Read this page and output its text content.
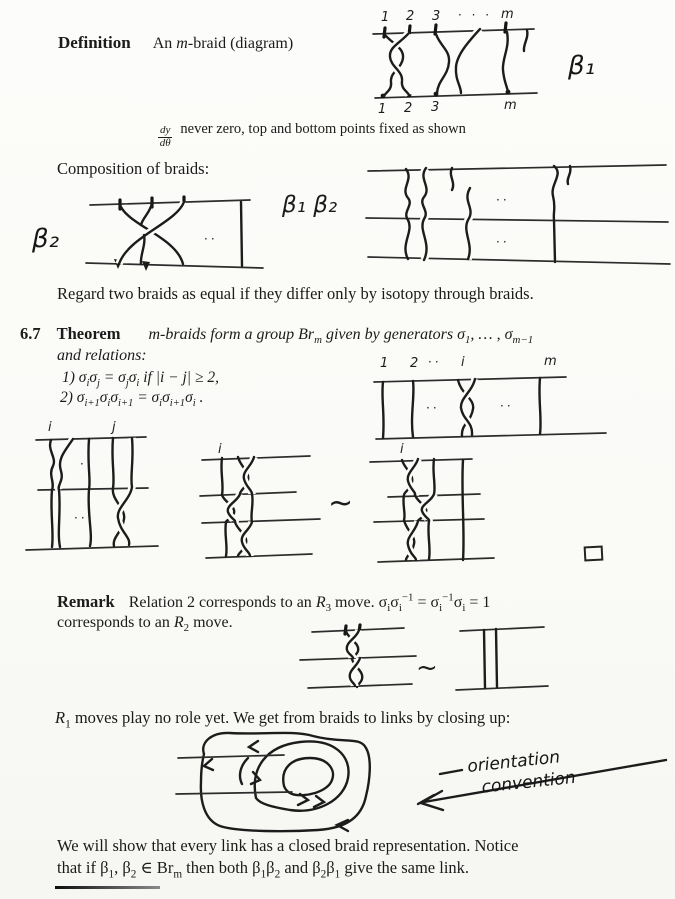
Definition An m-braid (diagram)
1 2 3 · · · m
1 2 3	m
β₁
$\frac{dy}{d\theta}$ never zero, top and bottom points fixed as shown
Composition of braids:
β₂	··
β₁ β₂	··
··
Regard two braids as equal if they differ only by isotopy through braids.
6.7 Theorem m-braids form a group $Br_m$ given by generators $\sigma_1$, … , $\sigma_{m-1}$
and relations:
1) $\sigma_i\sigma_j = \sigma_j\sigma_i$ if |i − j| ≥ 2,
2) $\sigma_{i+1}\sigma_i\sigma_{i+1} = \sigma_i\sigma_{i+1}\sigma_i$ .
1 2 ·· i	m
··	··
i	j
··
··
i
~
i
Remark Relation 2 corresponds to an $R_3$ move. $\sigma_i\sigma_i^{-1} = \sigma_i^{-1}\sigma_i = 1$
corresponds to an $R_2$ move.
~
$R_1$ moves play no role yet. We get from braids to links by closing up:
orientation
convention
We will show that every link has a closed braid representation. Notice
that if $\beta_1$, $\beta_2$ ∈ $Br_m$ then both $\beta_1\beta_2$ and $\beta_2\beta_1$ give the same link.
